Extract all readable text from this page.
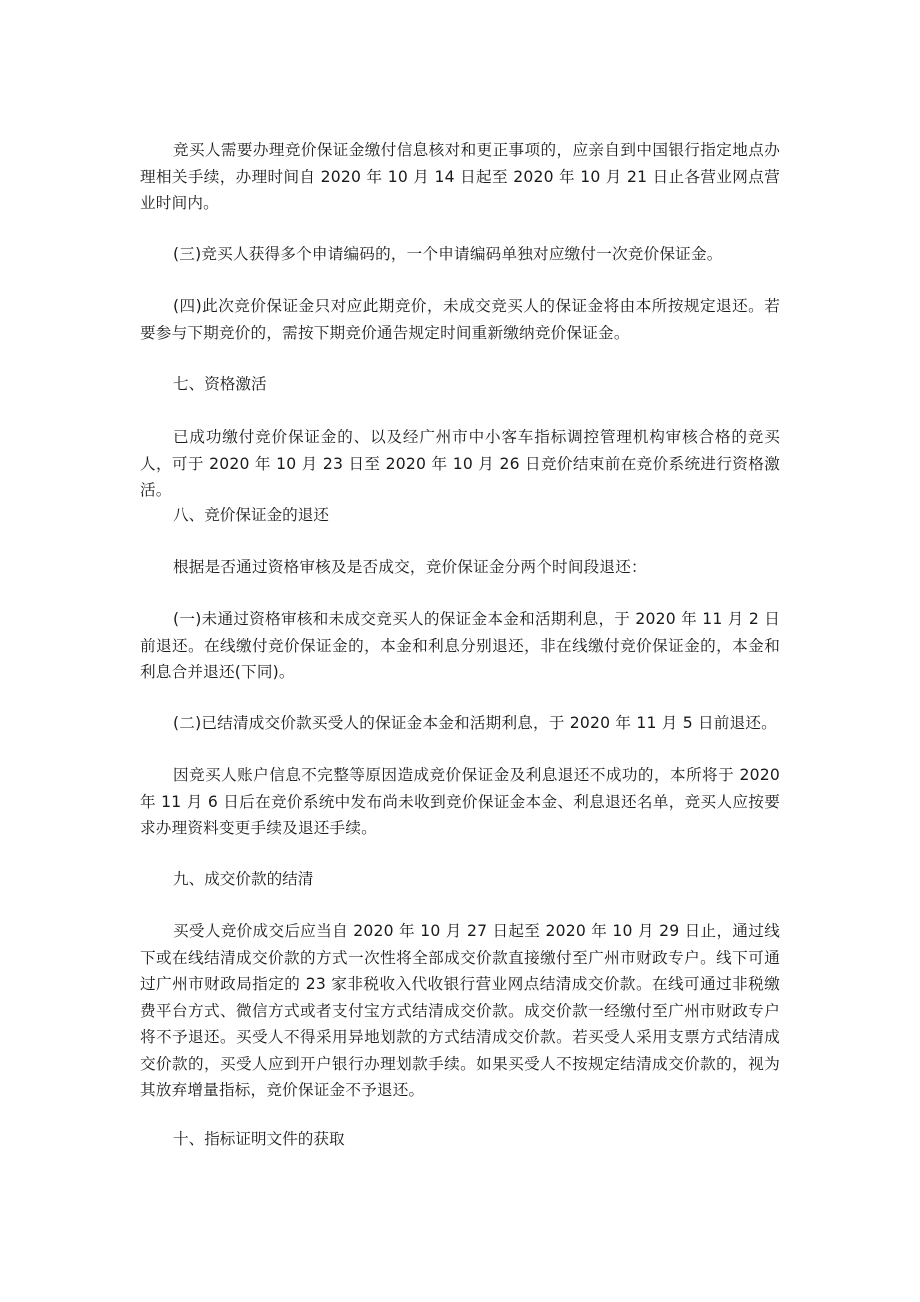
竞买人需要办理竞价保证金缴付信息核对和更正事项的，应亲自到中国银行指定地点办理相关手续，办理时间自 2020 年 10 月 14 日起至 2020 年 10 月 21 日止各营业网点营业时间内。

(三)竞买人获得多个申请编码的，一个申请编码单独对应缴付一次竞价保证金。

(四)此次竞价保证金只对应此期竞价，未成交竞买人的保证金将由本所按规定退还。若要参与下期竞价的，需按下期竞价通告规定时间重新缴纳竞价保证金。

七、资格激活

已成功缴付竞价保证金的、以及经广州市中小客车指标调控管理机构审核合格的竞买人，可于 2020 年 10 月 23 日至 2020 年 10 月 26 日竞价结束前在竞价系统进行资格激活。

八、竞价保证金的退还

根据是否通过资格审核及是否成交，竞价保证金分两个时间段退还：

(一)未通过资格审核和未成交竞买人的保证金本金和活期利息，于 2020 年 11 月 2 日前退还。在线缴付竞价保证金的，本金和利息分别退还，非在线缴付竞价保证金的，本金和利息合并退还(下同)。

(二)已结清成交价款买受人的保证金本金和活期利息，于 2020 年 11 月 5 日前退还。

因竞买人账户信息不完整等原因造成竞价保证金及利息退还不成功的，本所将于 2020 年 11 月 6 日后在竞价系统中发布尚未收到竞价保证金本金、利息退还名单，竞买人应按要求办理资料变更手续及退还手续。

九、成交价款的结清

买受人竞价成交后应当自 2020 年 10 月 27 日起至 2020 年 10 月 29 日止，通过线下或在线结清成交价款的方式一次性将全部成交价款直接缴付至广州市财政专户。线下可通过广州市财政局指定的 23 家非税收入代收银行营业网点结清成交价款。在线可通过非税缴费平台方式、微信方式或者支付宝方式结清成交价款。成交价款一经缴付至广州市财政专户将不予退还。买受人不得采用异地划款的方式结清成交价款。若买受人采用支票方式结清成交价款的，买受人应到开户银行办理划款手续。如果买受人不按规定结清成交价款的，视为其放弃增量指标，竞价保证金不予退还。

十、指标证明文件的获取
